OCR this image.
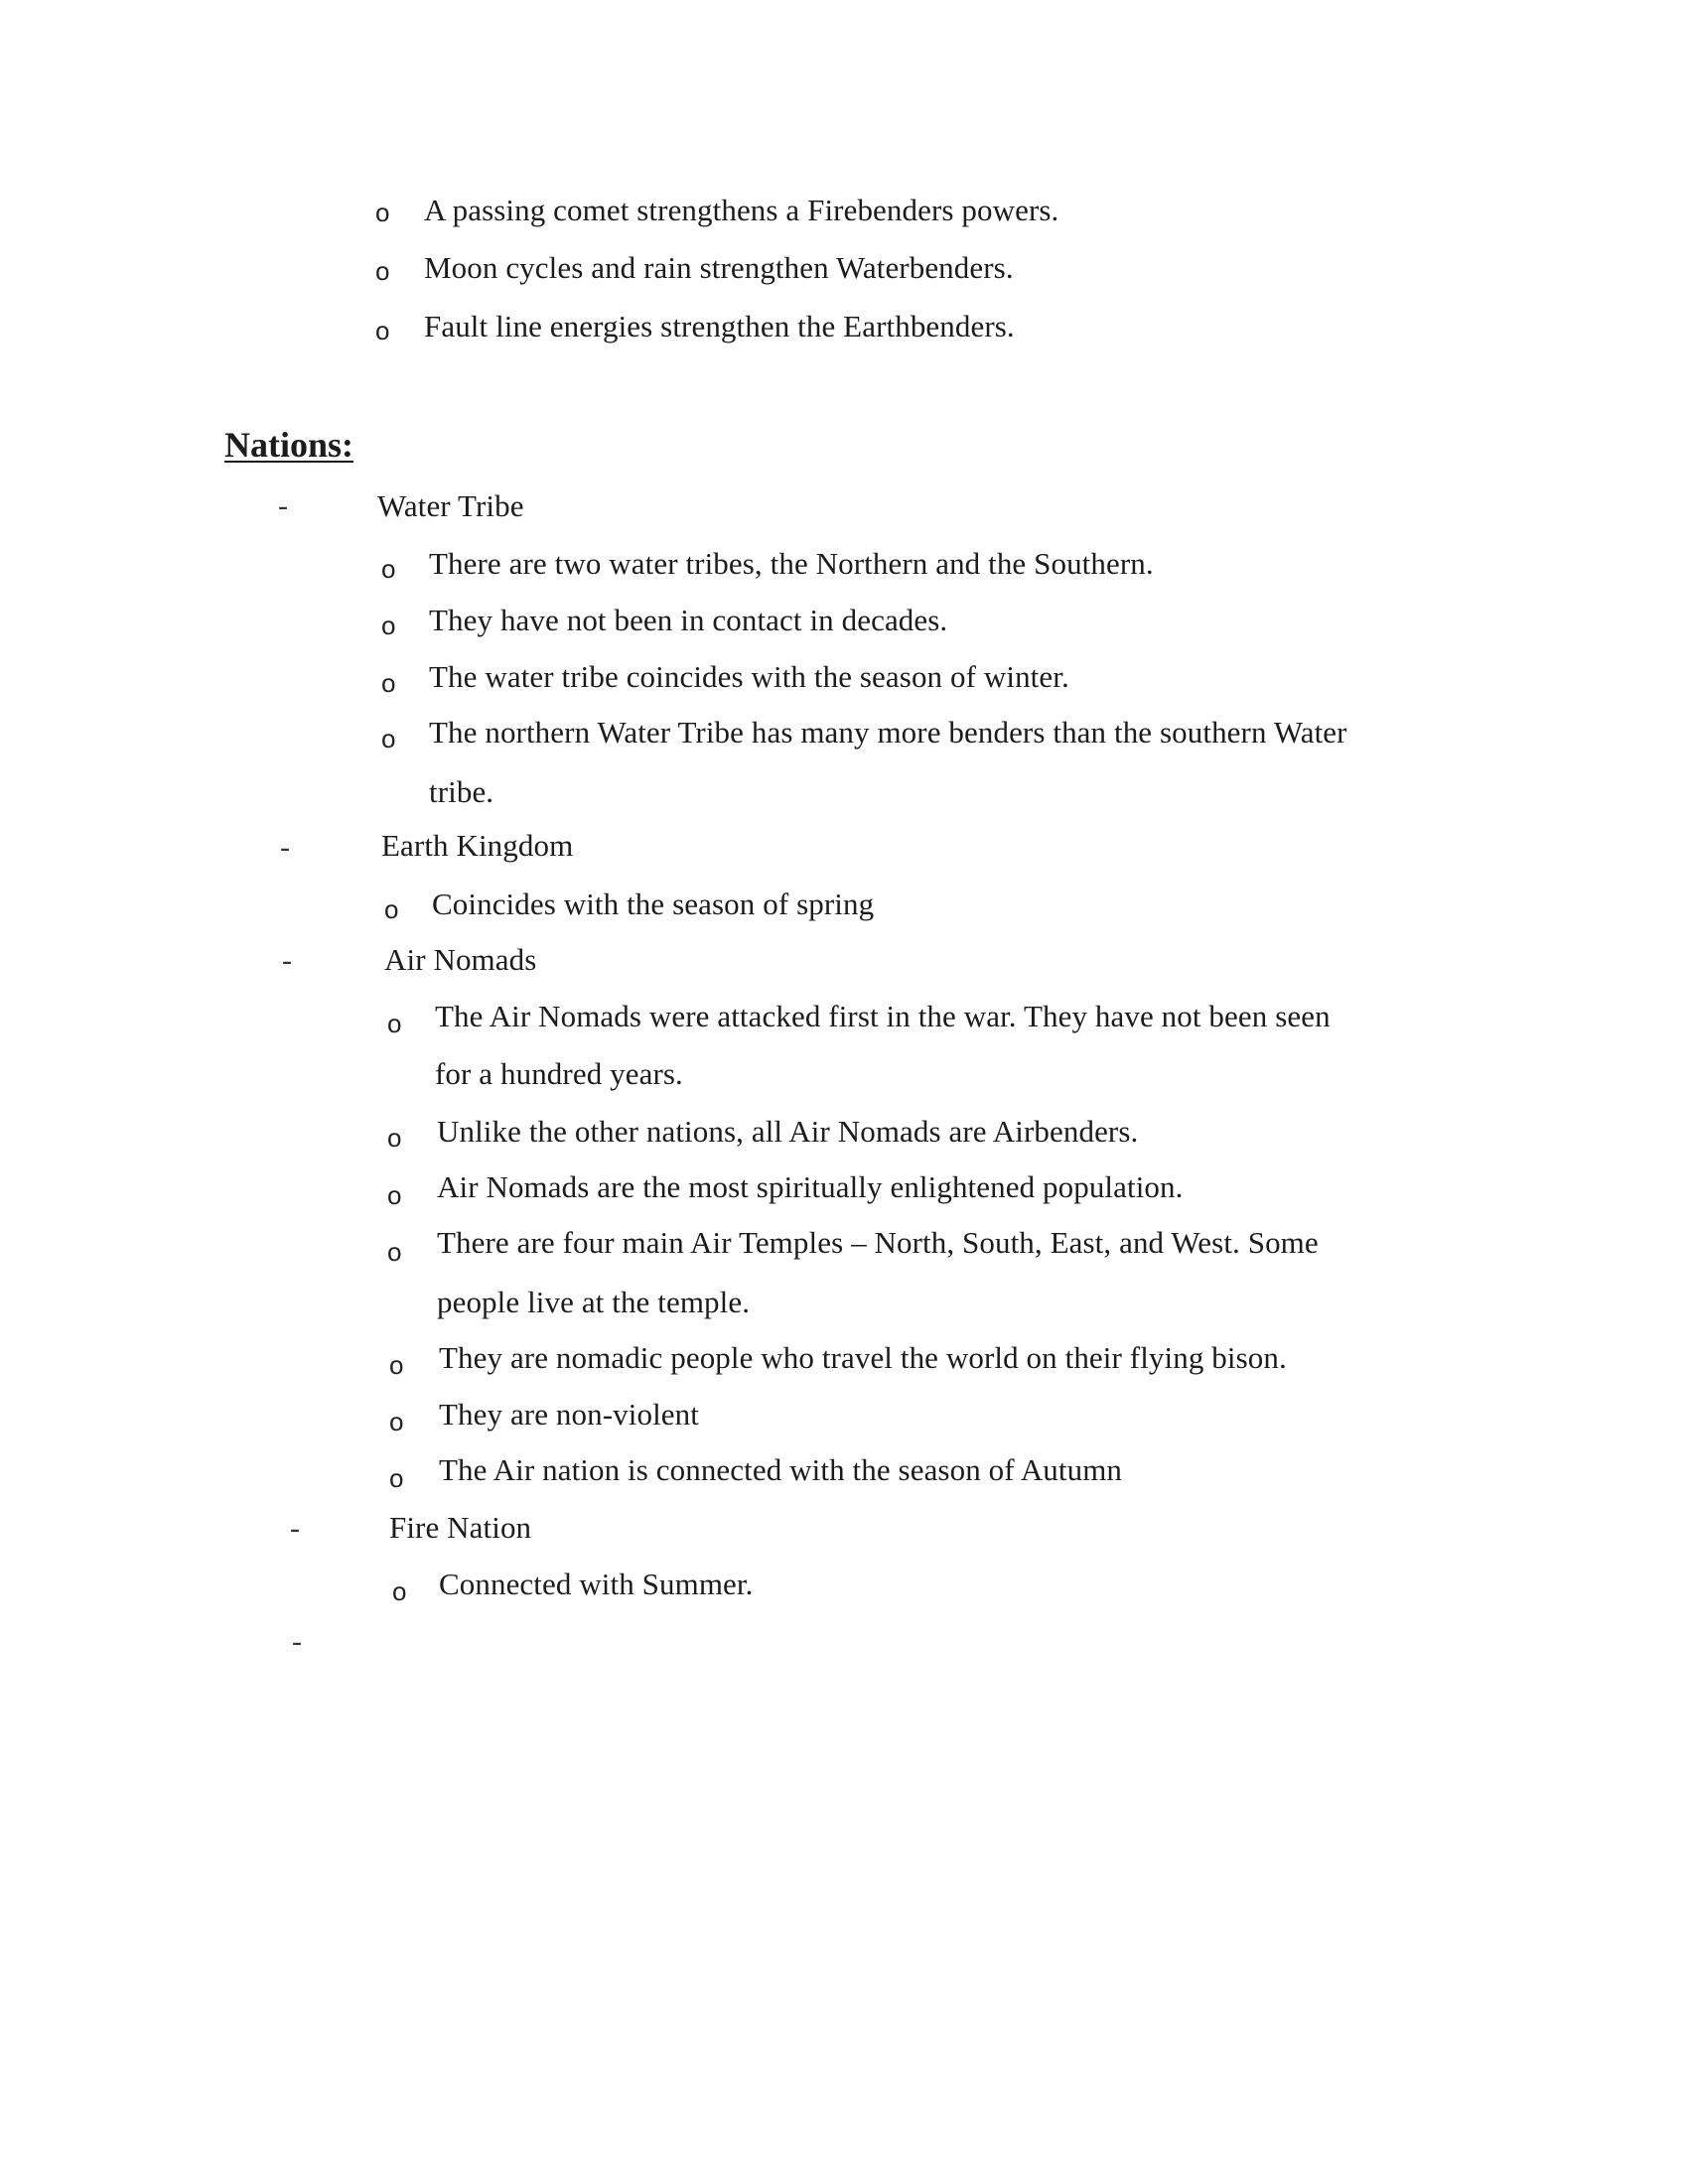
o A passing comet strengthens a Firebenders powers.
o Moon cycles and rain strengthen Waterbenders.
o Fault line energies strengthen the Earthbenders.
Nations:
-	Water Tribe
o There are two water tribes, the Northern and the Southern.
o They have not been in contact in decades.
o The water tribe coincides with the season of winter.
o The northern Water Tribe has many more benders than the southern Water
tribe.
-	Earth Kingdom
o Coincides with the season of spring
-	Air Nomads
o The Air Nomads were attacked first in the war. They have not been seen
for a hundred years.
o Unlike the other nations, all Air Nomads are Airbenders.
o Air Nomads are the most spiritually enlightened population.
o There are four main Air Temples – North, South, East, and West. Some
people live at the temple.
o They are nomadic people who travel the world on their flying bison.
o They are non-violent
o The Air nation is connected with the season of Autumn
-	Fire Nation
o Connected with Summer.
-
